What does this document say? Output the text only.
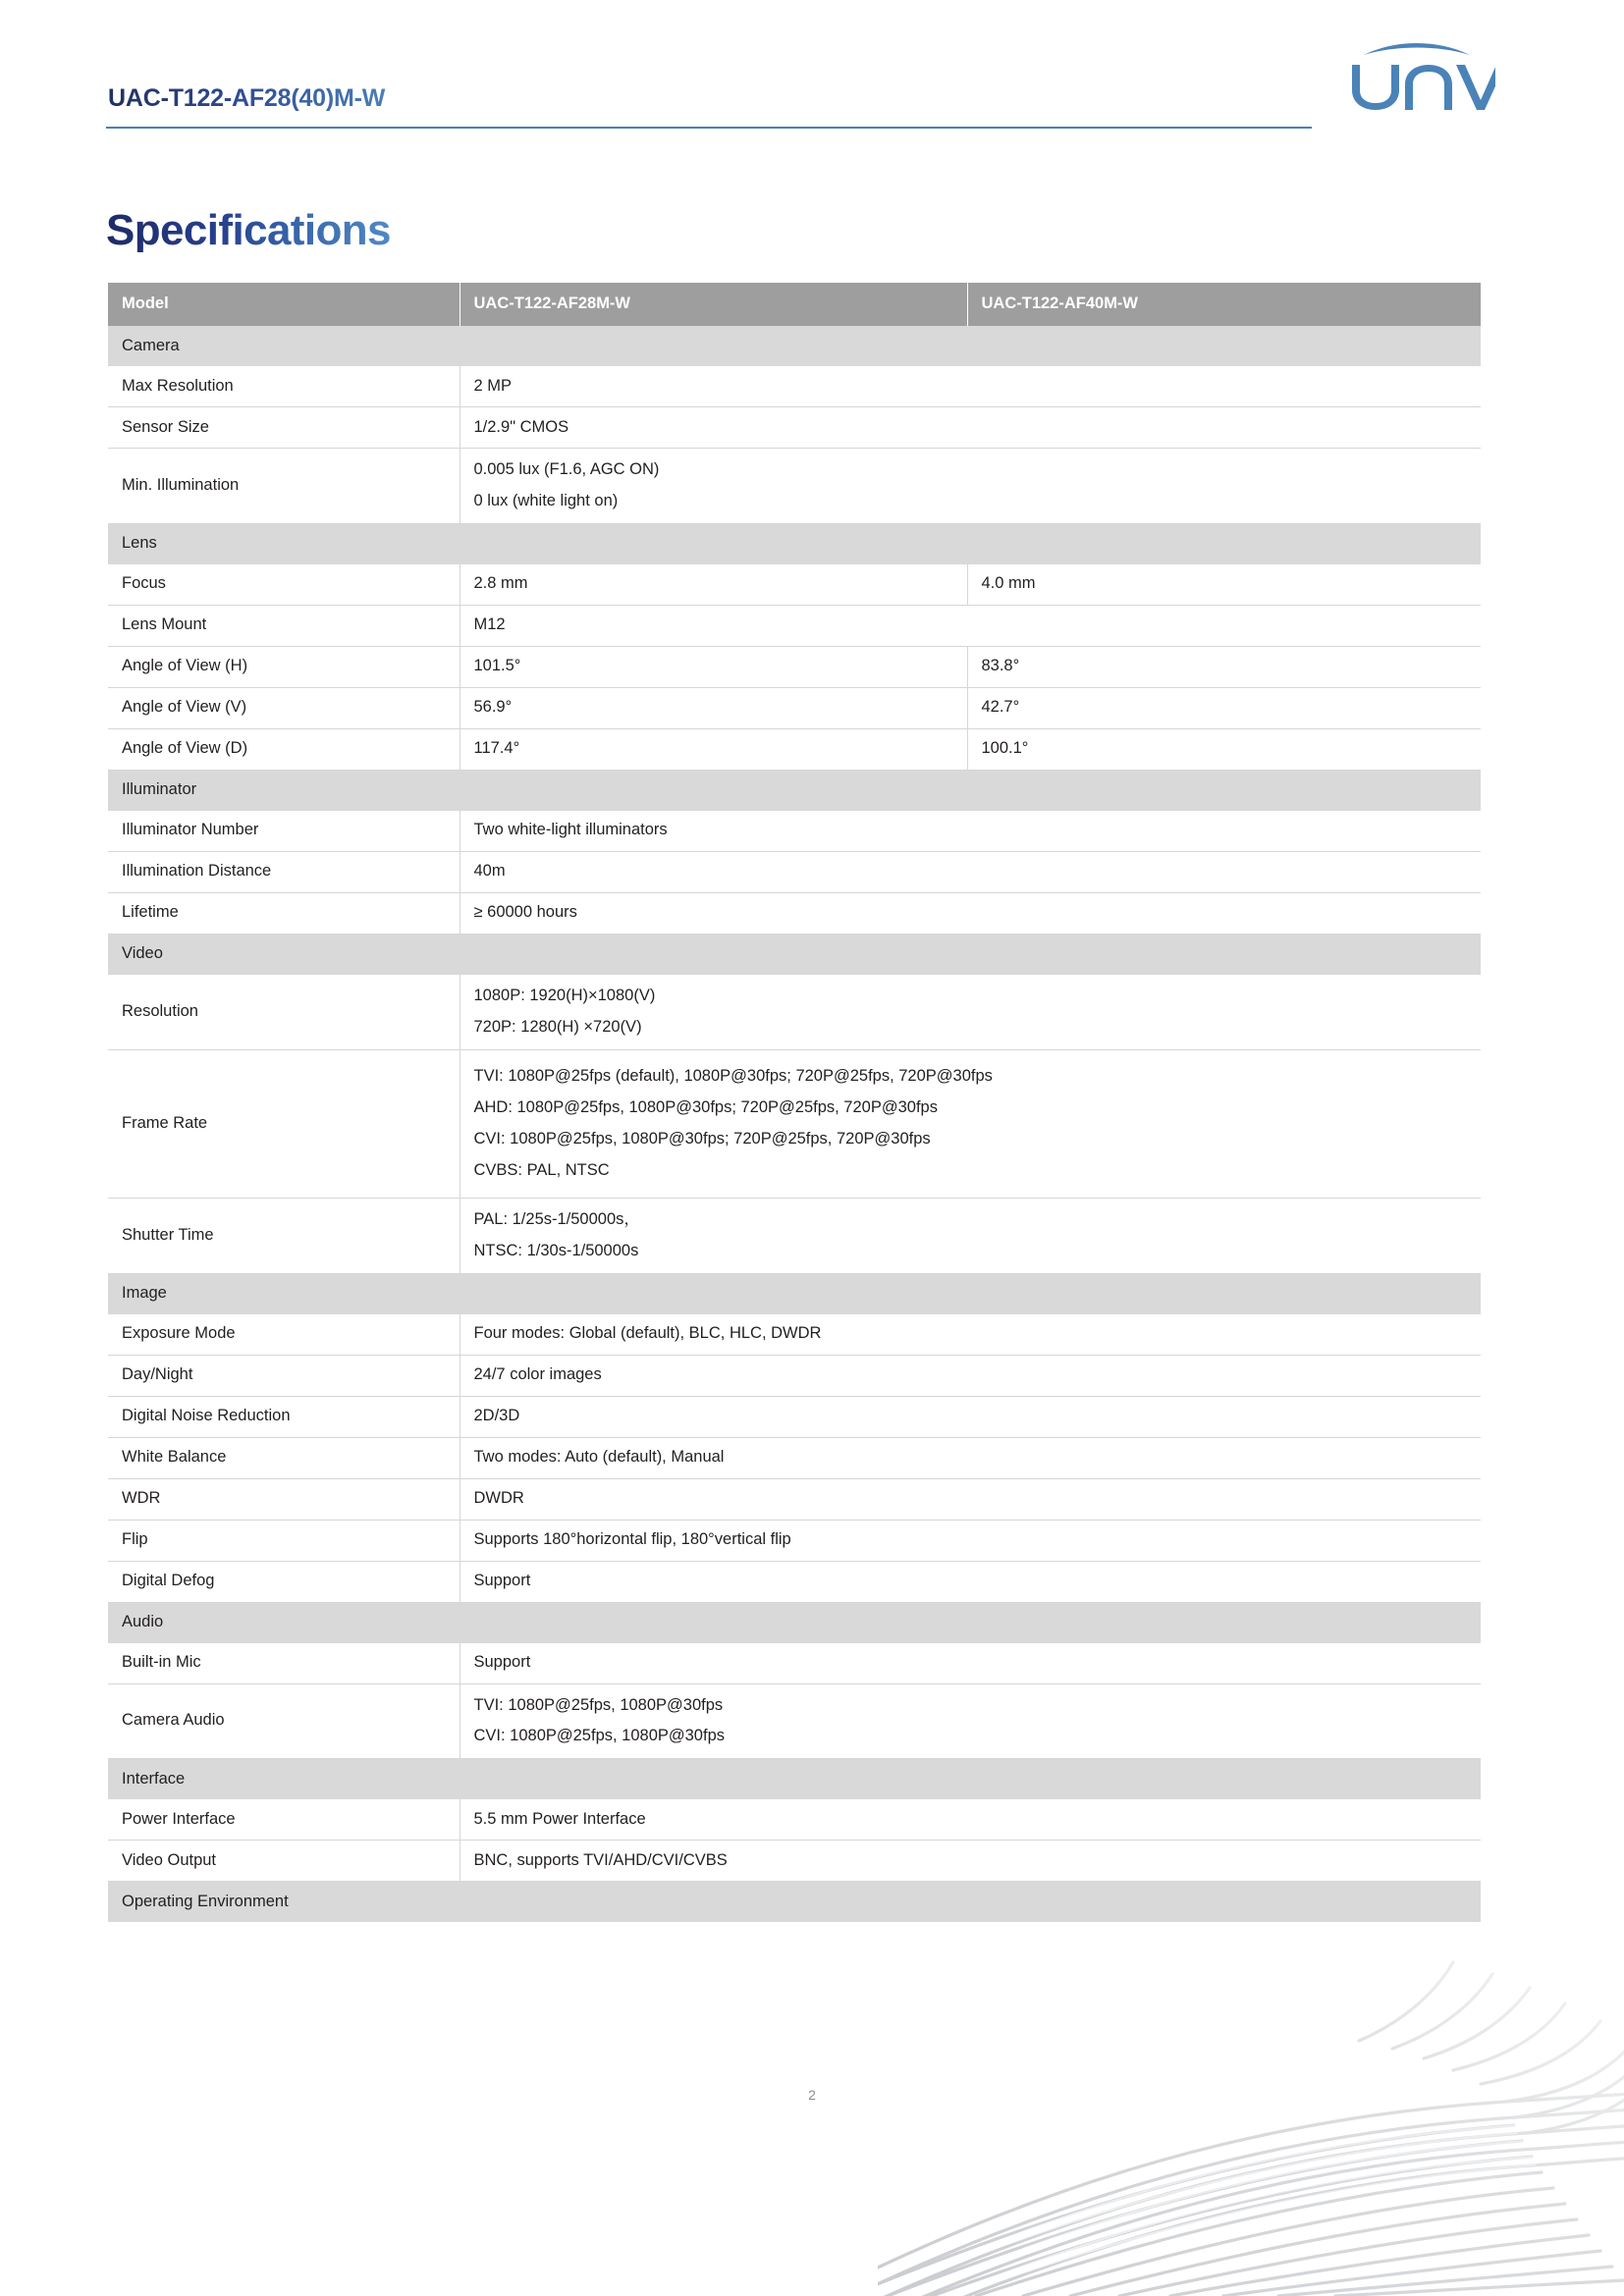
UAC-T122-AF28(40)M-W
Specifications
Model	UAC-T122-AF28M-W	UAC-T122-AF40M-W
Camera		
Max Resolution	2 MP	
Sensor Size	1/2.9" CMOS	
Min. Illumination	0.005 lux (F1.6, AGC ON)
0 lux (white light on)	

Lens		
Focus	2.8 mm	4.0 mm
Lens Mount	M12	
Angle of View (H)	101.5°	83.8°
Angle of View (V)	56.9°	42.7°
Angle of View (D)	117.4°	100.1°
Illuminator		
Illuminator Number	Two white-light illuminators	
Illumination Distance	40m	
Lifetime	≥ 60000 hours	
Video		
Resolution	1080P: 1920(H)×1080(V)
720P: 1280(H) ×720(V)	

Frame Rate	TVI: 1080P@25fps (default), 1080P@30fps; 720P@25fps, 720P@30fps
AHD: 1080P@25fps, 1080P@30fps; 720P@25fps, 720P@30fps
CVI: 1080P@25fps, 1080P@30fps; 720P@25fps, 720P@30fps
CVBS: PAL, NTSC	

Shutter Time	PAL: 1/25s-1/50000s，
NTSC: 1/30s-1/50000s	

Image		
Exposure Mode	Four modes: Global (default), BLC, HLC, DWDR	
Day/Night	24/7 color images	
Digital Noise Reduction	2D/3D	
White Balance	Two modes: Auto (default), Manual	
WDR	DWDR	
Flip	Supports 180°horizontal flip, 180°vertical flip	
Digital Defog	Support	
Audio		
Built-in Mic	Support	
Camera Audio	TVI: 1080P@25fps, 1080P@30fps
CVI: 1080P@25fps, 1080P@30fps	

Interface		
Power Interface	5.5 mm Power Interface	
Video Output	BNC, supports TVI/AHD/CVI/CVBS	
Operating Environment		
2
